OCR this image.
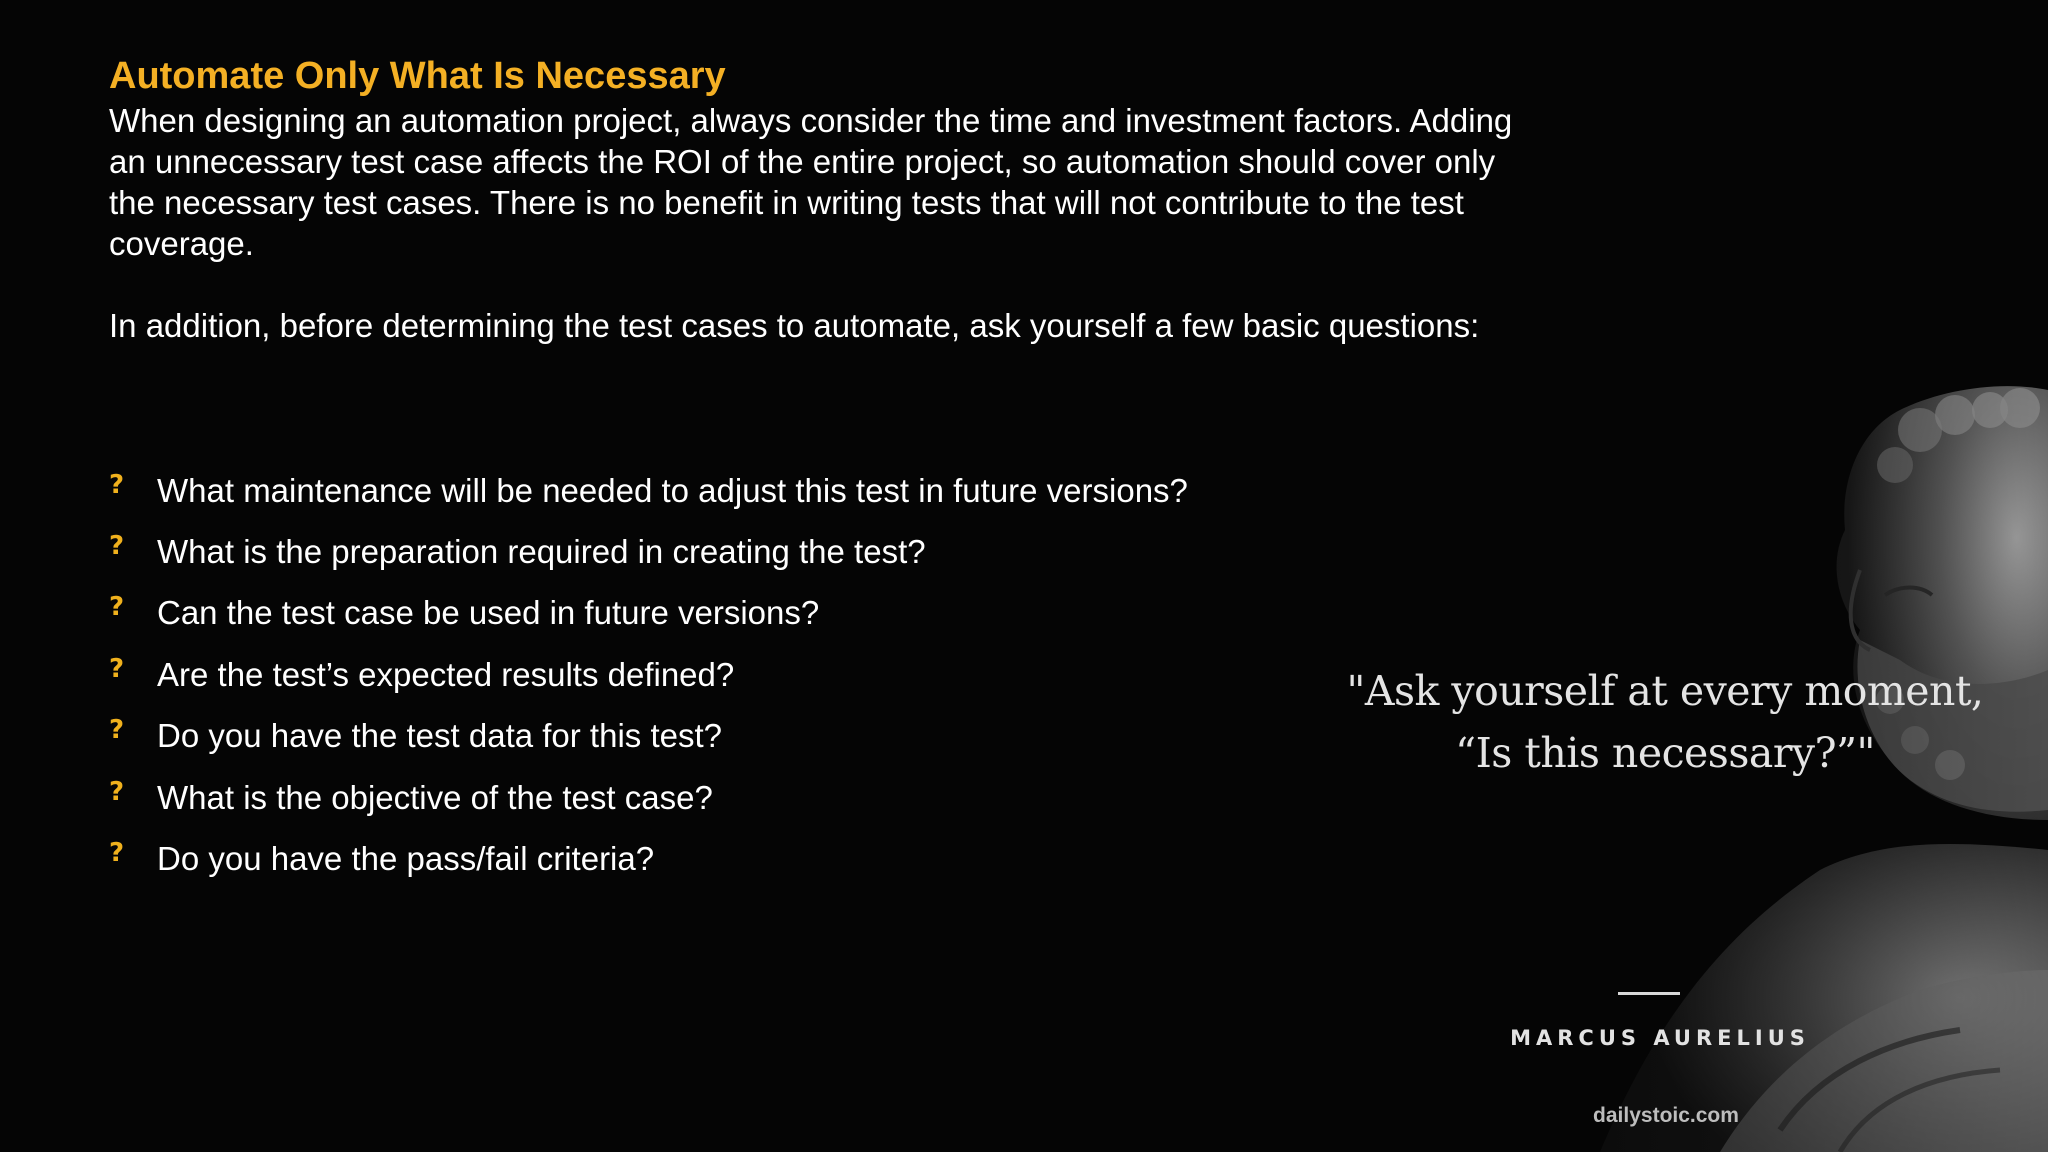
Automate Only What Is Necessary

When designing an automation project, always consider the time and investment factors. Adding an unnecessary test case affects the ROI of the entire project, so automation should cover only the necessary test cases. There is no benefit in writing tests that will not contribute to the test coverage.

In addition, before determining the test cases to automate, ask yourself a few basic questions:

? What maintenance will be needed to adjust this test in future versions?
? What is the preparation required in creating the test?
? Can the test case be used in future versions?
? Are the test’s expected results defined?
? Do you have the test data for this test?
? What is the objective of the test case?
? Do you have the pass/fail criteria?
"Ask yourself at every moment,
“Is this necessary?”"
MARCUS AURELIUS
dailystoic.com
